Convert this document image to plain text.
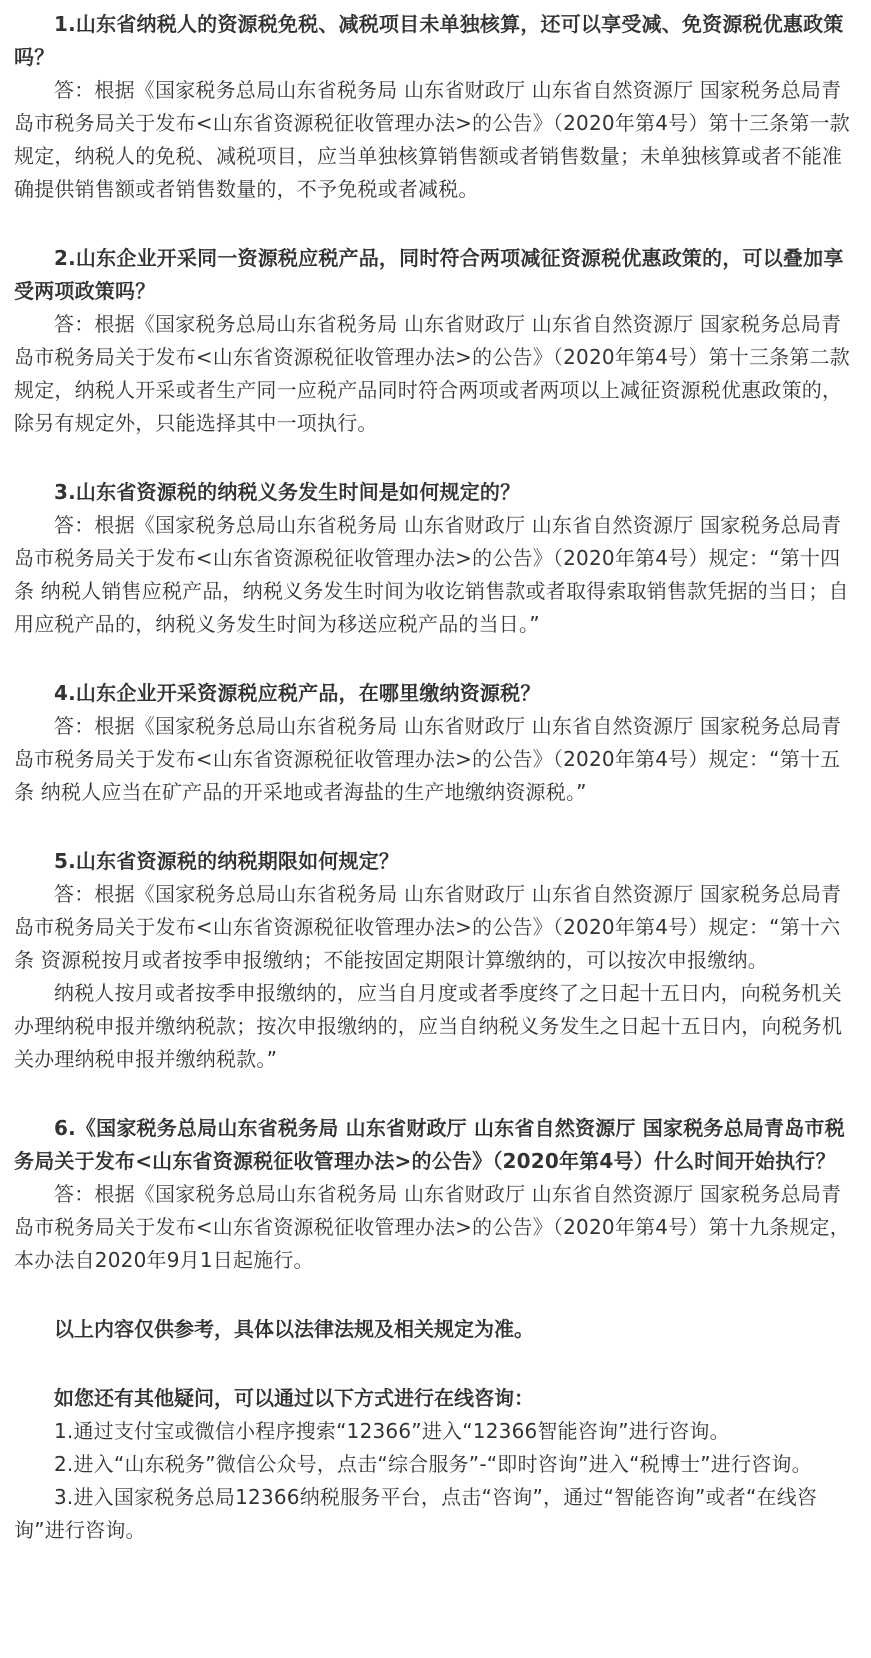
1.山东省纳税人的资源税免税、减税项目未单独核算，还可以享受减、免资源税优惠政策吗？

答：根据《国家税务总局山东省税务局 山东省财政厅 山东省自然资源厅 国家税务总局青岛市税务局关于发布<山东省资源税征收管理办法>的公告》（2020年第4号）第十三条第一款规定，纳税人的免税、减税项目，应当单独核算销售额或者销售数量；未单独核算或者不能准确提供销售额或者销售数量的，不予免税或者减税。

2.山东企业开采同一资源税应税产品，同时符合两项减征资源税优惠政策的，可以叠加享受两项政策吗？

答：根据《国家税务总局山东省税务局 山东省财政厅 山东省自然资源厅 国家税务总局青岛市税务局关于发布<山东省资源税征收管理办法>的公告》（2020年第4号）第十三条第二款规定，纳税人开采或者生产同一应税产品同时符合两项或者两项以上减征资源税优惠政策的，除另有规定外，只能选择其中一项执行。

3.山东省资源税的纳税义务发生时间是如何规定的？

答：根据《国家税务总局山东省税务局 山东省财政厅 山东省自然资源厅 国家税务总局青岛市税务局关于发布<山东省资源税征收管理办法>的公告》（2020年第4号）规定：“第十四条 纳税人销售应税产品，纳税义务发生时间为收讫销售款或者取得索取销售款凭据的当日；自用应税产品的，纳税义务发生时间为移送应税产品的当日。”

4.山东企业开采资源税应税产品，在哪里缴纳资源税？

答：根据《国家税务总局山东省税务局 山东省财政厅 山东省自然资源厅 国家税务总局青岛市税务局关于发布<山东省资源税征收管理办法>的公告》（2020年第4号）规定：“第十五条 纳税人应当在矿产品的开采地或者海盐的生产地缴纳资源税。”

5.山东省资源税的纳税期限如何规定？

答：根据《国家税务总局山东省税务局 山东省财政厅 山东省自然资源厅 国家税务总局青岛市税务局关于发布<山东省资源税征收管理办法>的公告》（2020年第4号）规定：“第十六条 资源税按月或者按季申报缴纳；不能按固定期限计算缴纳的，可以按次申报缴纳。

纳税人按月或者按季申报缴纳的，应当自月度或者季度终了之日起十五日内，向税务机关办理纳税申报并缴纳税款；按次申报缴纳的，应当自纳税义务发生之日起十五日内，向税务机关办理纳税申报并缴纳税款。”

6.《国家税务总局山东省税务局 山东省财政厅 山东省自然资源厅 国家税务总局青岛市税务局关于发布<山东省资源税征收管理办法>的公告》（2020年第4号）什么时间开始执行？

答：根据《国家税务总局山东省税务局 山东省财政厅 山东省自然资源厅 国家税务总局青岛市税务局关于发布<山东省资源税征收管理办法>的公告》（2020年第4号）第十九条规定，本办法自2020年9月1日起施行。

以上内容仅供参考，具体以法律法规及相关规定为准。

如您还有其他疑问，可以通过以下方式进行在线咨询：

1.通过支付宝或微信小程序搜索“12366”进入“12366智能咨询”进行咨询。

2.进入“山东税务”微信公众号，点击“综合服务”-“即时咨询”进入“税博士”进行咨询。

3.进入国家税务总局12366纳税服务平台，点击“咨询”，通过“智能咨询”或者“在线咨询”进行咨询。
